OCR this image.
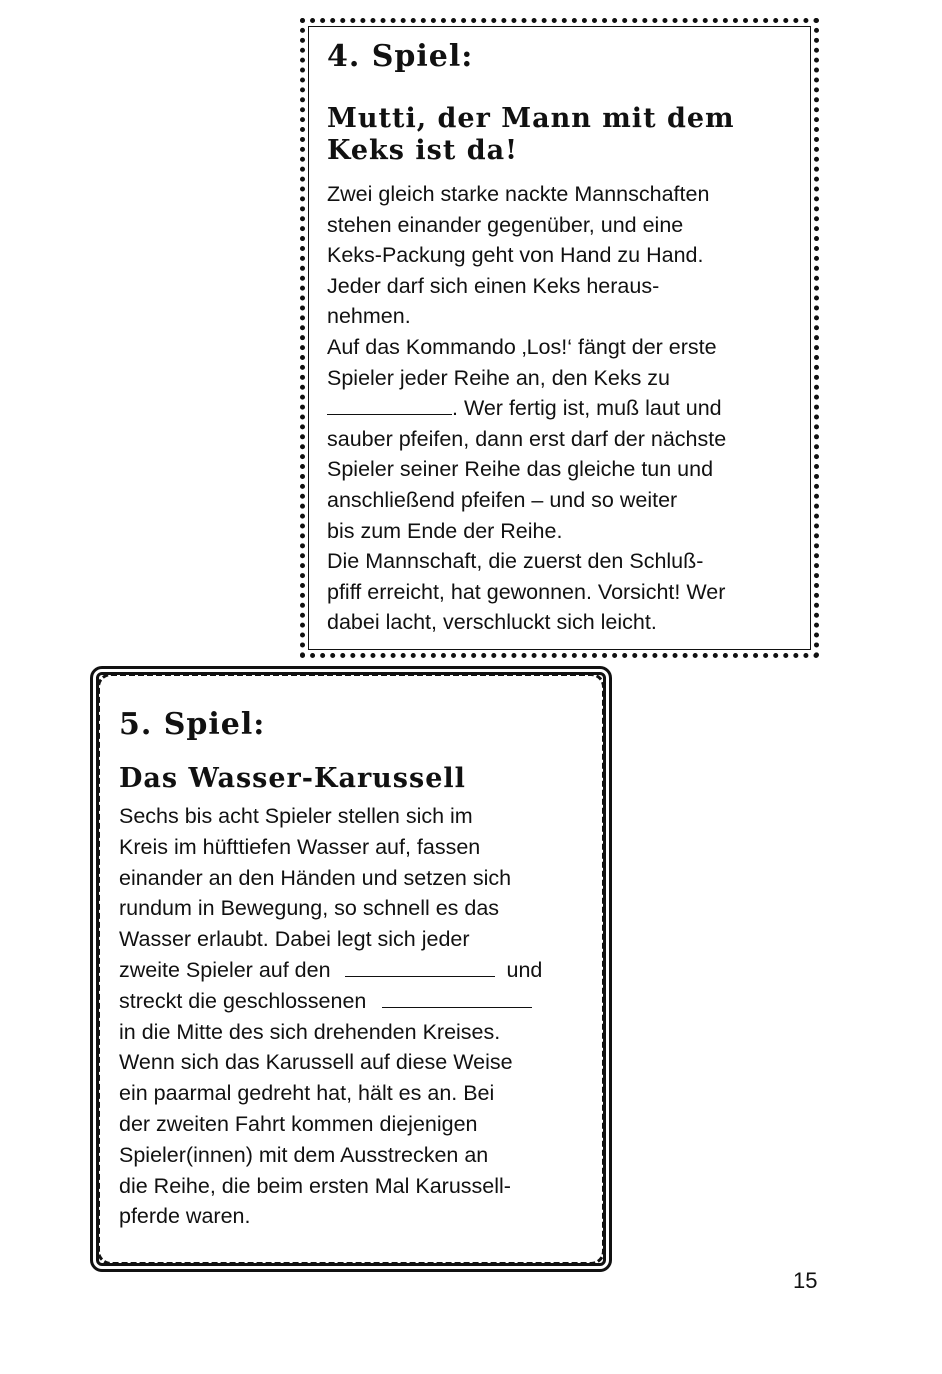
4. Spiel:
Mutti, der Mann mit dem
Keks ist da!
Zwei gleich starke nackte Mannschaften
stehen einander gegenüber, und eine
Keks-Packung geht von Hand zu Hand.
Jeder darf sich einen Keks heraus-
nehmen.
Auf das Kommando ‚Los!‘ fängt der erste
Spieler jeder Reihe an, den Keks zu
. Wer fertig ist, muß laut und
sauber pfeifen, dann erst darf der nächste
Spieler seiner Reihe das gleiche tun und
anschließend pfeifen – und so weiter
bis zum Ende der Reihe.
Die Mannschaft, die zuerst den Schluß-
pfiff erreicht, hat gewonnen. Vorsicht! Wer
dabei lacht, verschluckt sich leicht.
5. Spiel:
Das Wasser-Karussell
Sechs bis acht Spieler stellen sich im
Kreis im hüfttiefen Wasser auf, fassen
einander an den Händen und setzen sich
rundum in Bewegung, so schnell es das
Wasser erlaubt. Dabei legt sich jeder
zweite Spieler auf den	und
streckt die geschlossenen
in die Mitte des sich drehenden Kreises.
Wenn sich das Karussell auf diese Weise
ein paarmal gedreht hat, hält es an. Bei
der zweiten Fahrt kommen diejenigen
Spieler(innen) mit dem Ausstrecken an
die Reihe, die beim ersten Mal Karussell-
pferde waren.
15
